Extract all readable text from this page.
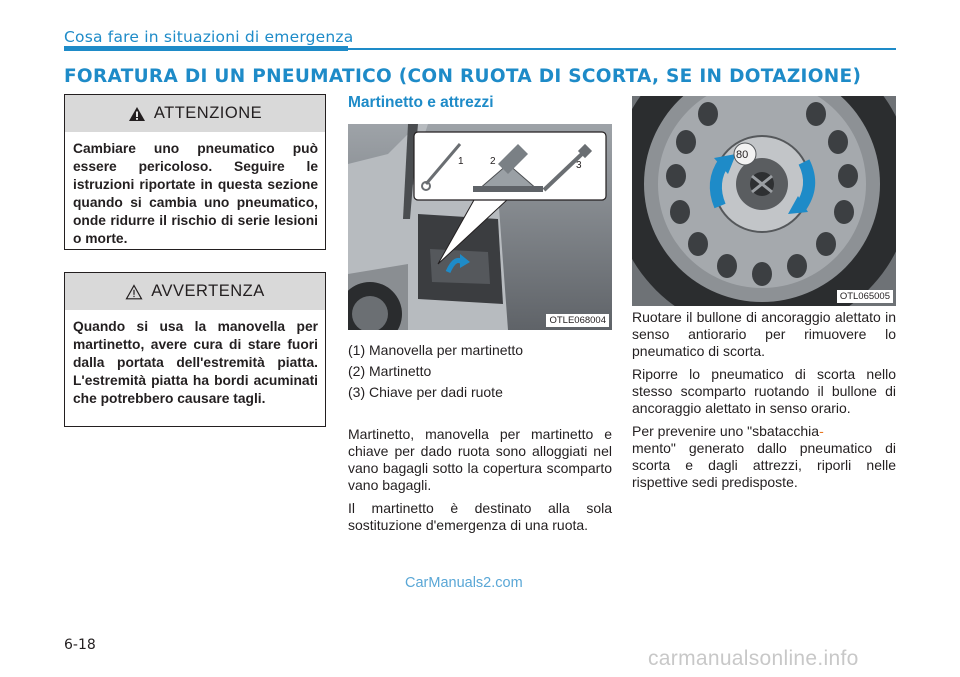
Cosa fare in situazioni di emergenza
FORATURA DI UN PNEUMATICO (CON RUOTA DI SCORTA, SE IN DOTAZIONE)
ATTENZIONE
Cambiare uno pneumatico può essere pericoloso. Seguire le istruzioni riportate in questa sezione quando si cambia uno pneumatico, onde ridurre il rischio di serie lesioni o morte.
AVVERTENZA
Quando si usa la manovella per martinetto, avere cura di stare fuori dalla portata dell'estremità piatta. L'estremità piatta ha bordi acuminati che potrebbero causare tagli.
Martinetto e attrezzi
1	2	3
OTLE068004
(1) Manovella per martinetto
(2) Martinetto
(3) Chiave per dadi ruote

Martinetto, manovella per martinetto e chiave per dado ruota sono alloggiati nel vano bagagli sotto la copertura scomparto vano bagagli.

Il martinetto è destinato alla sola sostituzione d'emergenza di una ruota.

80
OTL065005

Ruotare il bullone di ancoraggio alettato in senso antiorario per rimuovere lo pneumatico di scorta.

Riporre lo pneumatico di scorta nello stesso scomparto ruotando il bullone di ancoraggio alettato in senso orario.

Per prevenire uno "sbatacchia-
mento" generato dallo pneumatico di scorta e dagli attrezzi, riporli nelle rispettive sedi predisposte.

CarManuals2.com
6-18
carmanualsonline.info
